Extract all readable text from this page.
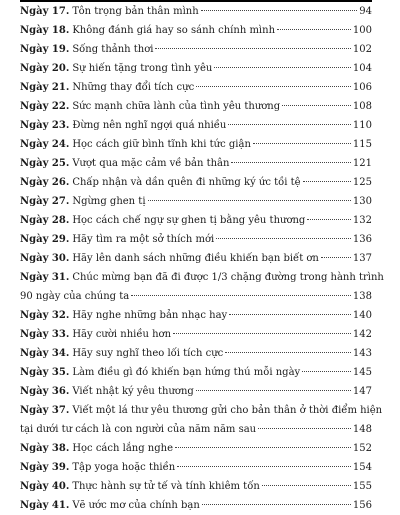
Ngày 17. Tôn trọng bản thân mình	94
Ngày 18. Không đánh giá hay so sánh chính mình	100
Ngày 19. Sống thảnh thơi	102
Ngày 20. Sự hiến tặng trong tình yêu	104
Ngày 21. Những thay đổi tích cực	106
Ngày 22. Sức mạnh chữa lành của tình yêu thương	108
Ngày 23. Đừng nên nghĩ ngợi quá nhiều	110
Ngày 24. Học cách giữ bình tĩnh khi tức giận	115
Ngày 25. Vượt qua mặc cảm về bản thân	121
Ngày 26. Chấp nhận và dần quên đi những ký ức tồi tệ	125
Ngày 27. Ngừng ghen tị	130
Ngày 28. Học cách chế ngự sự ghen tị bằng yêu thương	132
Ngày 29. Hãy tìm ra một sở thích mới	136
Ngày 30. Hãy lên danh sách những điều khiến bạn biết ơn	137
Ngày 31. Chúc mừng bạn đã đi được 1/3 chặng đường trong hành trình
90 ngày của chúng ta	138
Ngày 32. Hãy nghe những bản nhạc hay	140
Ngày 33. Hãy cười nhiều hơn	142
Ngày 34. Hãy suy nghĩ theo lối tích cực	143
Ngày 35. Làm điều gì đó khiến bạn hứng thú mỗi ngày	145
Ngày 36. Viết nhật ký yêu thương	147
Ngày 37. Viết một lá thư yêu thương gửi cho bản thân ở thời điểm hiện
tại dưới tư cách là con người của năm năm sau	148
Ngày 38. Học cách lắng nghe	152
Ngày 39. Tập yoga hoặc thiền	154
Ngày 40. Thực hành sự tử tế và tính khiêm tốn	155
Ngày 41. Vẽ ước mơ của chính bạn	156
